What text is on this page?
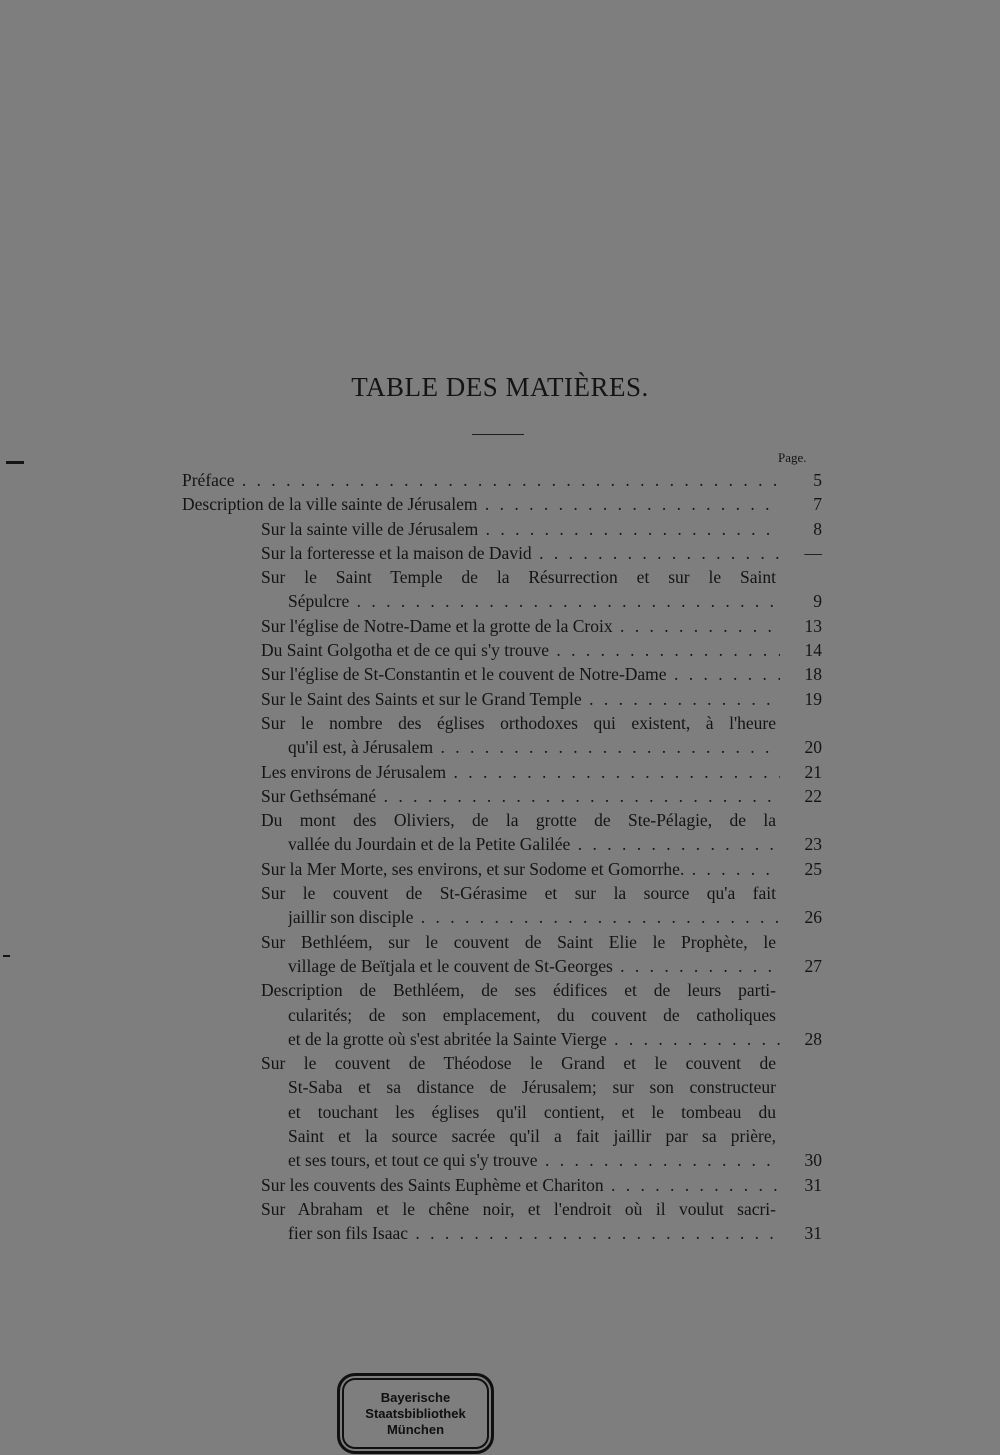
TABLE DES MATIÈRES.
Page.
Préface . . .	5
Description de la ville sainte de Jérusalem . . .	7
Sur la sainte ville de Jérusalem . . .	8
Sur la forteresse et la maison de David . . .	—
Sur le Saint Temple de la Résurrection et sur le Saint
Sépulcre . . .	9
Sur l'église de Notre-Dame et la grotte de la Croix . . .	13
Du Saint Golgotha et de ce qui s'y trouve . . .	14
Sur l'église de St-Constantin et le couvent de Notre-Dame . . .	18
Sur le Saint des Saints et sur le Grand Temple . . .	19
Sur le nombre des églises orthodoxes qui existent, à l'heure
qu'il est, à Jérusalem . . .	20
Les environs de Jérusalem . . .	21
Sur Gethsémané . . .	22
Du mont des Oliviers, de la grotte de Ste-Pélagie, de la
vallée du Jourdain et de la Petite Galilée . . .	23
Sur la Mer Morte, ses environs, et sur Sodome et Gomorrhe. . . .	25
Sur le couvent de St-Gérasime et sur la source qu'a fait
jaillir son disciple . . .	26
Sur Bethléem, sur le couvent de Saint Elie le Prophète, le
village de Beïtjala et le couvent de St-Georges . . .	27
Description de Bethléem, de ses édifices et de leurs parti-
cularités; de son emplacement, du couvent de catholiques
et de la grotte où s'est abritée la Sainte Vierge . . .	28
Sur le couvent de Théodose le Grand et le couvent de
St-Saba et sa distance de Jérusalem; sur son constructeur
et touchant les églises qu'il contient, et le tombeau du
Saint et la source sacrée qu'il a fait jaillir par sa prière,
et ses tours, et tout ce qui s'y trouve . . .	30
Sur les couvents des Saints Euphème et Chariton . . .	31
Sur Abraham et le chêne noir, et l'endroit où il voulut sacri-
fier son fils Isaac . . .	31
Bayerische
Staatsbibliothek
München
